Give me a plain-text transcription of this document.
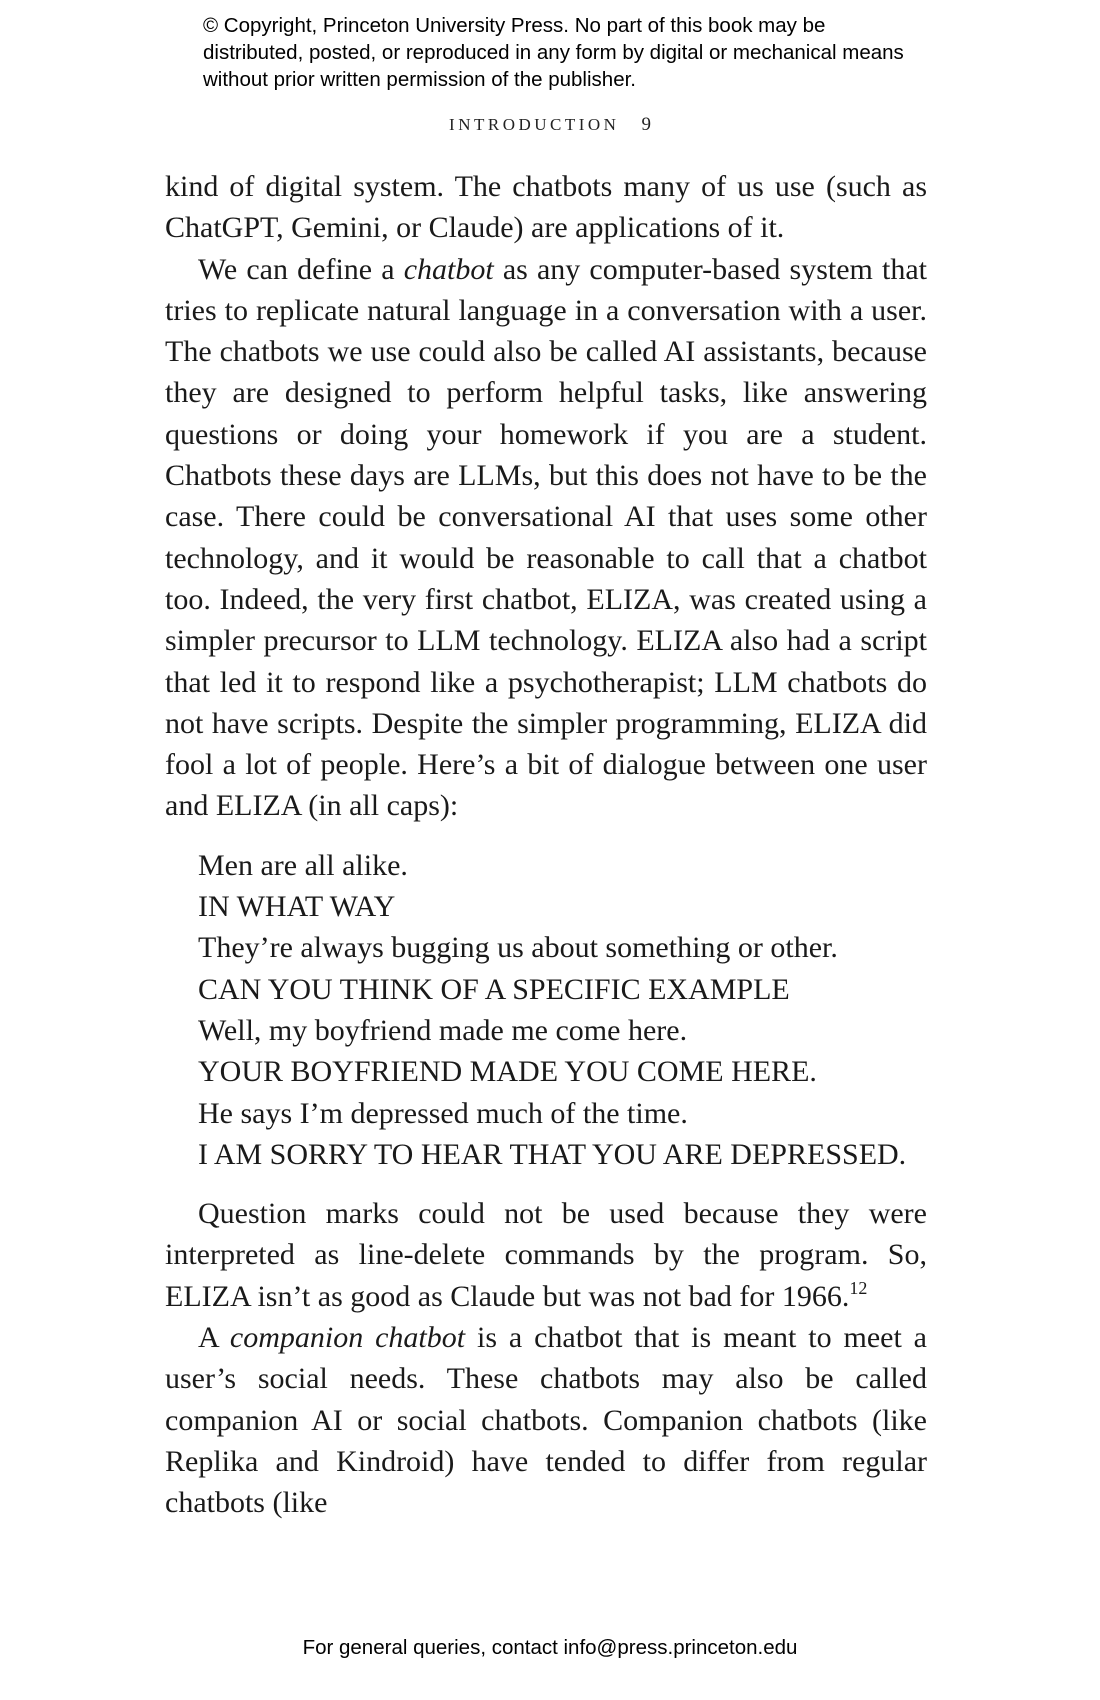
© Copyright, Princeton University Press. No part of this book may be distributed, posted, or reproduced in any form by digital or mechanical means without prior written permission of the publisher.

INTRODUCTION 9

kind of digital system. The chatbots many of us use (such as ChatGPT, Gemini, or Claude) are applications of it.

We can define a chatbot as any computer-based system that tries to replicate natural language in a conversation with a user. The chatbots we use could also be called AI assistants, because they are designed to perform helpful tasks, like answering questions or doing your homework if you are a student. Chatbots these days are LLMs, but this does not have to be the case. There could be conversational AI that uses some other technology, and it would be reasonable to call that a chatbot too. Indeed, the very first chatbot, ELIZA, was created using a simpler precursor to LLM technology. ELIZA also had a script that led it to respond like a psychotherapist; LLM chatbots do not have scripts. Despite the simpler programming, ELIZA did fool a lot of people. Here’s a bit of dialogue between one user and ELIZA (in all caps):

Men are all alike.
IN WHAT WAY
They’re always bugging us about something or other.
CAN YOU THINK OF A SPECIFIC EXAMPLE
Well, my boyfriend made me come here.
YOUR BOYFRIEND MADE YOU COME HERE.
He says I’m depressed much of the time.
I AM SORRY TO HEAR THAT YOU ARE DEPRESSED.

Question marks could not be used because they were interpreted as line-delete commands by the program. So, ELIZA isn’t as good as Claude but was not bad for 1966.12

A companion chatbot is a chatbot that is meant to meet a user’s social needs. These chatbots may also be called companion AI or social chatbots. Companion chatbots (like Replika and Kindroid) have tended to differ from regular chatbots (like

For general queries, contact info@press.princeton.edu
